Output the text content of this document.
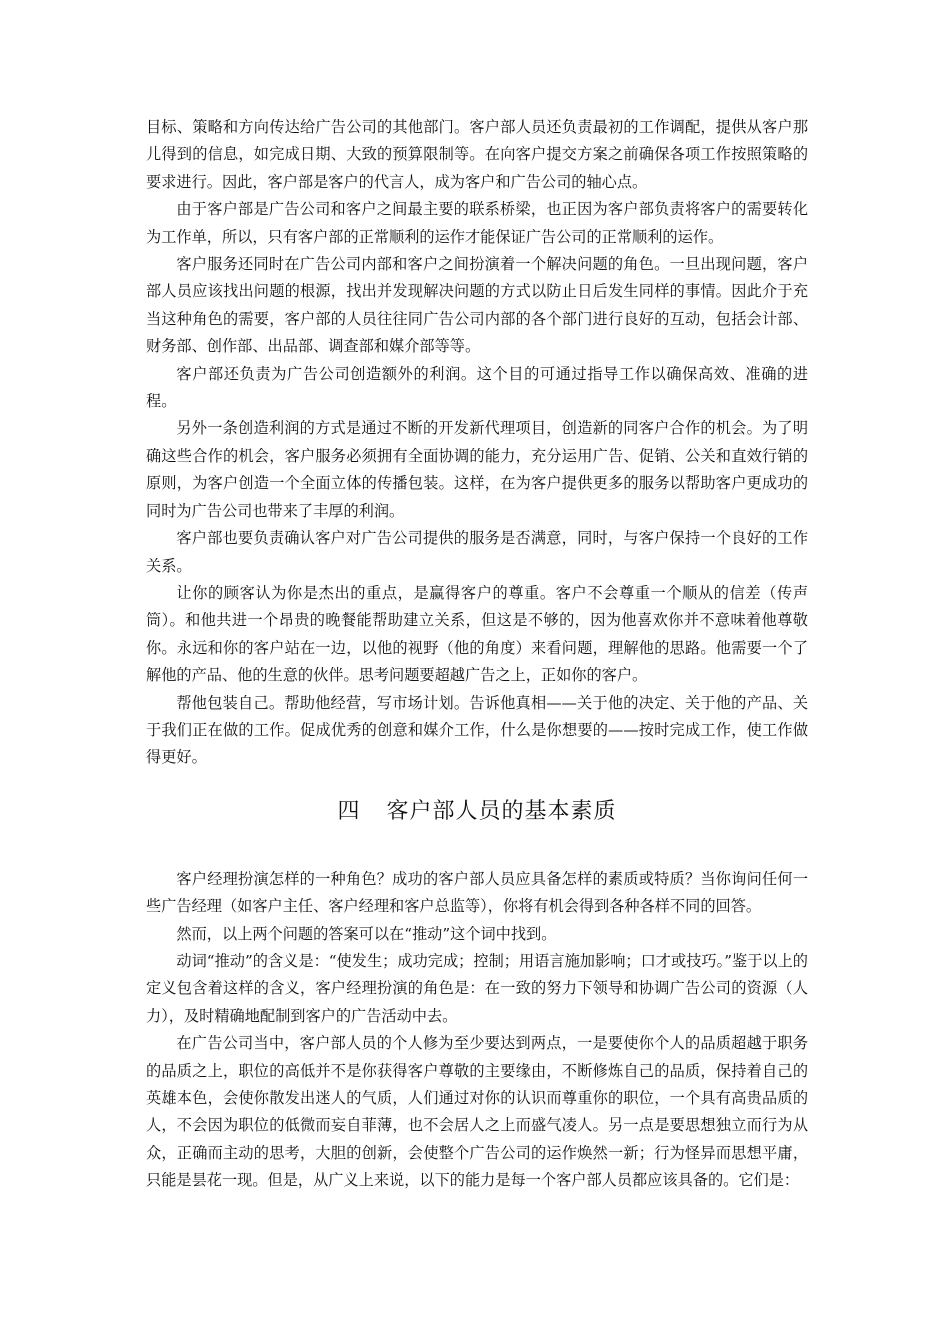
目标、策略和方向传达给广告公司的其他部门。客户部人员还负责最初的工作调配，提供从客户那儿得到的信息，如完成日期、大致的预算限制等。在向客户提交方案之前确保各项工作按照策略的要求进行。因此，客户部是客户的代言人，成为客户和广告公司的轴心点。

由于客户部是广告公司和客户之间最主要的联系桥梁，也正因为客户部负责将客户的需要转化为工作单，所以，只有客户部的正常顺利的运作才能保证广告公司的正常顺利的运作。

客户服务还同时在广告公司内部和客户之间扮演着一个解决问题的角色。一旦出现问题，客户部人员应该找出问题的根源，找出并发现解决问题的方式以防止日后发生同样的事情。因此介于充当这种角色的需要，客户部的人员往往同广告公司内部的各个部门进行良好的互动，包括会计部、财务部、创作部、出品部、调查部和媒介部等等。

客户部还负责为广告公司创造额外的利润。这个目的可通过指导工作以确保高效、准确的进程。

另外一条创造利润的方式是通过不断的开发新代理项目，创造新的同客户合作的机会。为了明确这些合作的机会，客户服务必须拥有全面协调的能力，充分运用广告、促销、公关和直效行销的原则，为客户创造一个全面立体的传播包装。这样，在为客户提供更多的服务以帮助客户更成功的同时为广告公司也带来了丰厚的利润。

客户部也要负责确认客户对广告公司提供的服务是否满意，同时，与客户保持一个良好的工作关系。

让你的顾客认为你是杰出的重点，是赢得客户的尊重。客户不会尊重一个顺从的信差（传声筒）。和他共进一个昂贵的晚餐能帮助建立关系，但这是不够的，因为他喜欢你并不意味着他尊敬你。永远和你的客户站在一边，以他的视野（他的角度）来看问题，理解他的思路。他需要一个了解他的产品、他的生意的伙伴。思考问题要超越广告之上，正如你的客户。

帮他包装自己。帮助他经营，写市场计划。告诉他真相——关于他的决定、关于他的产品、关于我们正在做的工作。促成优秀的创意和媒介工作，什么是你想要的——按时完成工作，使工作做得更好。

四 客户部人员的基本素质

客户经理扮演怎样的一种角色？成功的客户部人员应具备怎样的素质或特质？当你询问任何一些广告经理（如客户主任、客户经理和客户总监等），你将有机会得到各种各样不同的回答。

然而，以上两个问题的答案可以在“推动”这个词中找到。

动词“推动”的含义是：“使发生；成功完成；控制；用语言施加影响；口才或技巧。”鉴于以上的定义包含着这样的含义，客户经理扮演的角色是：在一致的努力下领导和协调广告公司的资源（人力），及时精确地配制到客户的广告活动中去。

在广告公司当中，客户部人员的个人修为至少要达到两点，一是要使你个人的品质超越于职务的品质之上，职位的高低并不是你获得客户尊敬的主要缘由，不断修炼自己的品质，保持着自己的英雄本色，会使你散发出迷人的气质，人们通过对你的认识而尊重你的职位，一个具有高贵品质的人，不会因为职位的低微而妄自菲薄，也不会居人之上而盛气凌人。另一点是要思想独立而行为从众，正确而主动的思考，大胆的创新，会使整个广告公司的运作焕然一新；行为怪异而思想平庸，只能是昙花一现。但是，从广义上来说，以下的能力是每一个客户部人员都应该具备的。它们是：
